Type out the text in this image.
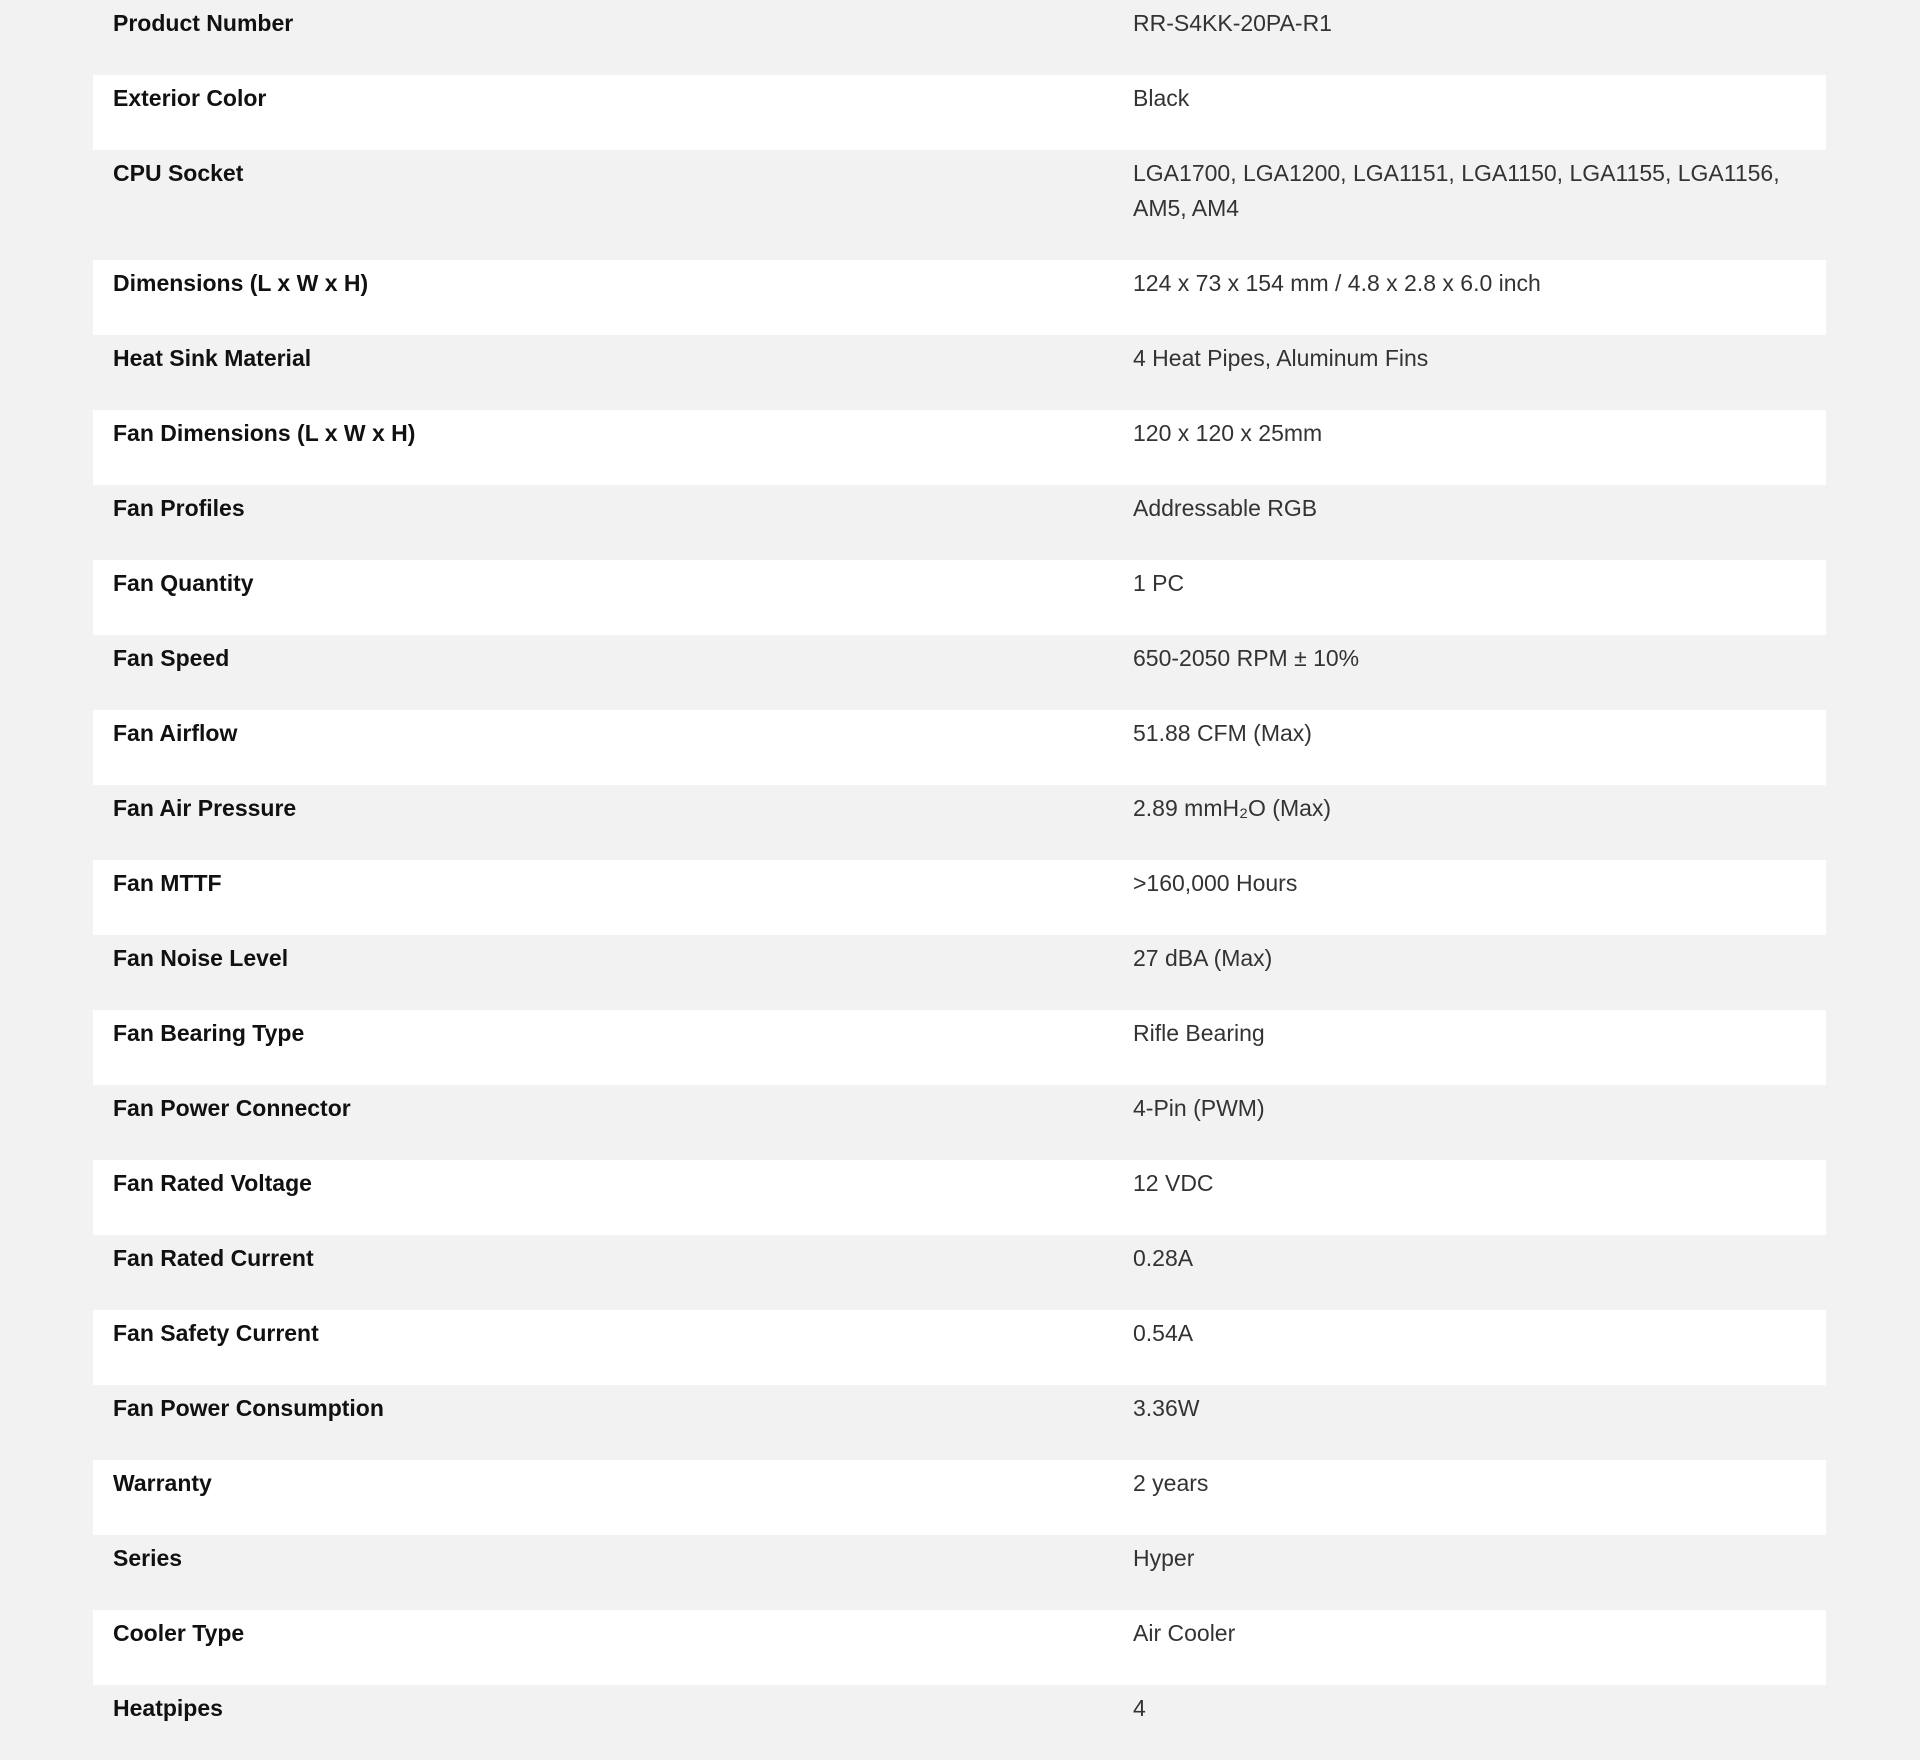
Product Number	RR-S4KK-20PA-R1
Exterior Color	Black
CPU Socket	LGA1700, LGA1200, LGA1151, LGA1150, LGA1155, LGA1156, AM5, AM4
Dimensions (L x W x H)	124 x 73 x 154 mm / 4.8 x 2.8 x 6.0 inch
Heat Sink Material	4 Heat Pipes, Aluminum Fins
Fan Dimensions (L x W x H)	120 x 120 x 25mm
Fan Profiles	Addressable RGB
Fan Quantity	1 PC
Fan Speed	650-2050 RPM ± 10%
Fan Airflow	51.88 CFM (Max)
Fan Air Pressure	2.89 mmH₂O (Max)
Fan MTTF	>160,000 Hours
Fan Noise Level	27 dBA (Max)
Fan Bearing Type	Rifle Bearing
Fan Power Connector	4-Pin (PWM)
Fan Rated Voltage	12 VDC
Fan Rated Current	0.28A
Fan Safety Current	0.54A
Fan Power Consumption	3.36W
Warranty	2 years
Series	Hyper
Cooler Type	Air Cooler
Heatpipes	4
